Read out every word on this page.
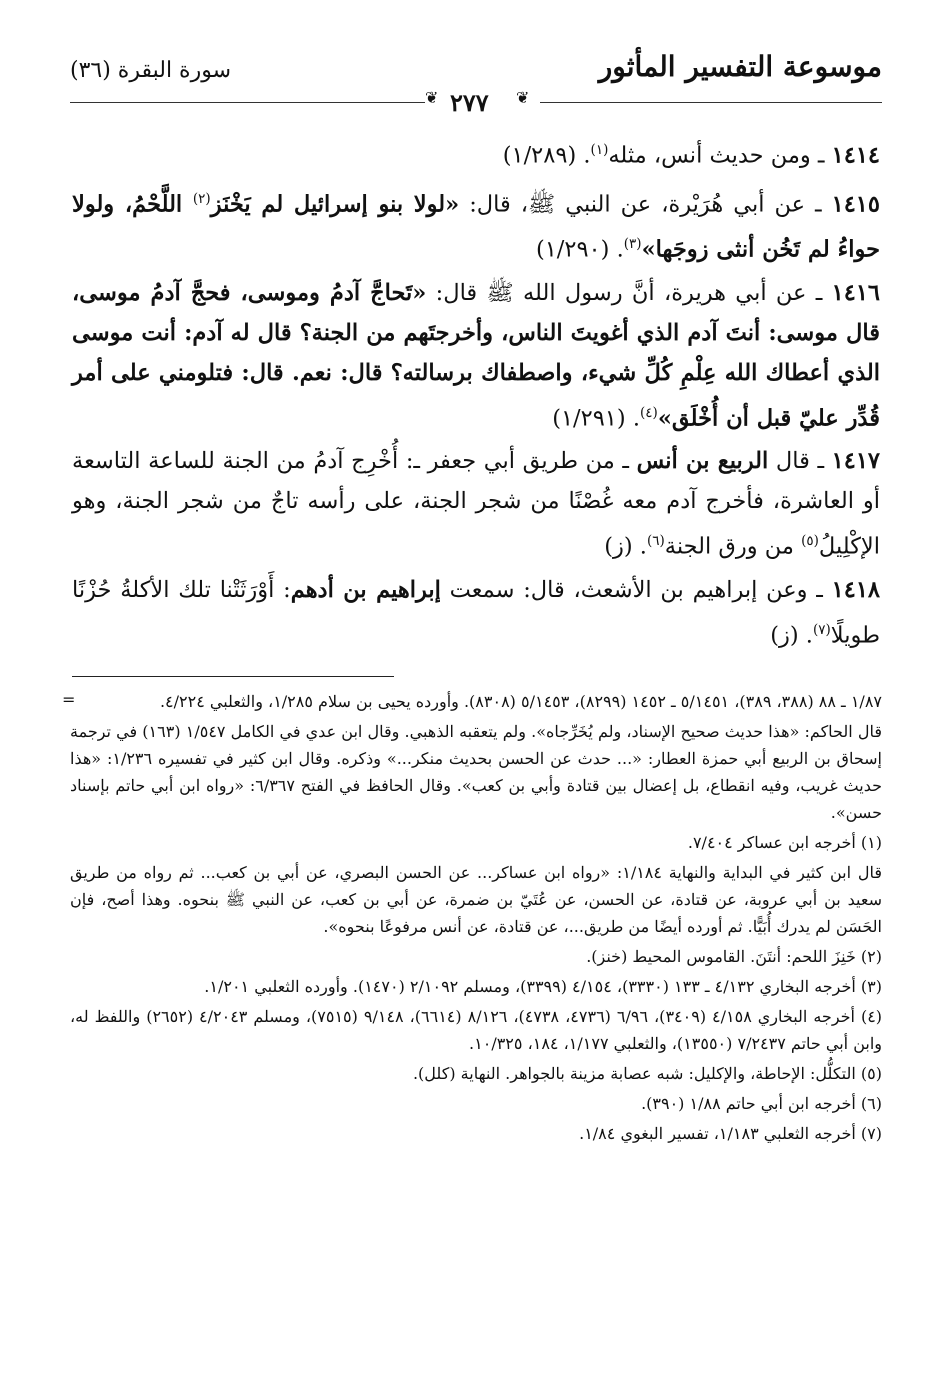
سورة البقرة (٣٦)	موسوعة التفسير المأثور
❦ ٢٧٧ ❦

١٤١٤ ـ ومن حديث أنس، مثله$^{(١)}$. (١/٢٨٩)

١٤١٥ ـ عن أبي هُرَيْرة، عن النبي ﷺ، قال: «لولا بنو إسرائيل لم يَخْنَز$^{(٢)}$ اللَّحْمُ، ولولا حواءُ لم تَخُن أنثى زوجَها»$^{(٣)}$. (١/٢٩٠)

١٤١٦ ـ عن أبي هريرة، أنَّ رسول الله ﷺ قال: «تَحاجَّ آدمُ وموسى، فحجَّ آدمُ موسى، قال موسى: أنتَ آدم الذي أغويتَ الناس، وأخرجتَهم من الجنة؟ قال له آدم: أنت موسى الذي أعطاك الله عِلْمِ كُلِّ شيء، واصطفاك برسالته؟ قال: نعم. قال: فتلومني على أمر قُدِّر عليّ قبل أن أُخْلَق»$^{(٤)}$. (١/٢٩١)

١٤١٧ ـ قال الربيع بن أنس ـ من طريق أبي جعفر ـ: أُخْرِج آدمُ من الجنة للساعة التاسعة أو العاشرة، فأخرج آدم معه غُصْنًا من شجر الجنة، على رأسه تاجٌ من شجر الجنة، وهو الإكْلِيلُ$^{(٥)}$ من ورق الجنة$^{(٦)}$. (ز)

١٤١٨ ـ وعن إبراهيم بن الأشعث، قال: سمعت إبراهيم بن أدهم: أَوْرَثَتْنا تلك الأكلةُ حُزْنًا طويلًا$^{(٧)}$. (ز)

=	١/٨٧ ـ ٨٨ (٣٨٨، ٣٨٩)، ٥/١٤٥١ ـ ١٤٥٢ (٨٢٩٩)، ٥/١٤٥٣ (٨٣٠٨). وأورده يحيى بن سلام ١/٢٨٥، والثعلبي ٤/٢٢٤.

قال الحاكم: «هذا حديث صحيح الإسناد، ولم يُخَرِّجاه». ولم يتعقبه الذهبي. وقال ابن عدي في الكامل ١/٥٤٧ (١٦٣) في ترجمة إسحاق بن الربيع أبي حمزة العطار: «... حدث عن الحسن بحديث منكر...» وذكره. وقال ابن كثير في تفسيره ١/٢٣٦: «هذا حديث غريب، وفيه انقطاع، بل إعضال بين قتادة وأبي بن كعب». وقال الحافظ في الفتح ٦/٣٦٧: «رواه ابن أبي حاتم بإسناد حسن».

(١) أخرجه ابن عساكر ٧/٤٠٤.

قال ابن كثير في البداية والنهاية ١/١٨٤: «رواه ابن عساكر... عن الحسن البصري، عن أبي بن كعب... ثم رواه من طريق سعيد بن أبي عروبة، عن قتادة، عن الحسن، عن عُتَيّ بن ضمرة، عن أبي بن كعب، عن النبي ﷺ بنحوه. وهذا أصح، فإن الحَسَن لم يدرك أُبَيًّا. ثم أورده أيضًا من طريق...، عن قتادة، عن أنس مرفوعًا بنحوه».

(٢) خَنِزَ اللحم: أنتَنَ. القاموس المحيط (خنز).

(٣) أخرجه البخاري ٤/١٣٢ ـ ١٣٣ (٣٣٣٠)، ٤/١٥٤ (٣٣٩٩)، ومسلم ٢/١٠٩٢ (١٤٧٠). وأورده الثعلبي ١/٢٠١.

(٤) أخرجه البخاري ٤/١٥٨ (٣٤٠٩)، ٦/٩٦ (٤٧٣٦، ٤٧٣٨)، ٨/١٢٦ (٦٦١٤)، ٩/١٤٨ (٧٥١٥)، ومسلم ٤/٢٠٤٣ (٢٦٥٢) واللفظ له، وابن أبي حاتم ٧/٢٤٣٧ (١٣٥٥٠)، والثعلبي ١/١٧٧، ١٨٤، ١٠/٣٢٥.

(٥) التكلُّل: الإحاطة، والإكليل: شبه عصابة مزينة بالجواهر. النهاية (كلل).

(٦) أخرجه ابن أبي حاتم ١/٨٨ (٣٩٠).

(٧) أخرجه الثعلبي ١/١٨٣، تفسير البغوي ١/٨٤.
